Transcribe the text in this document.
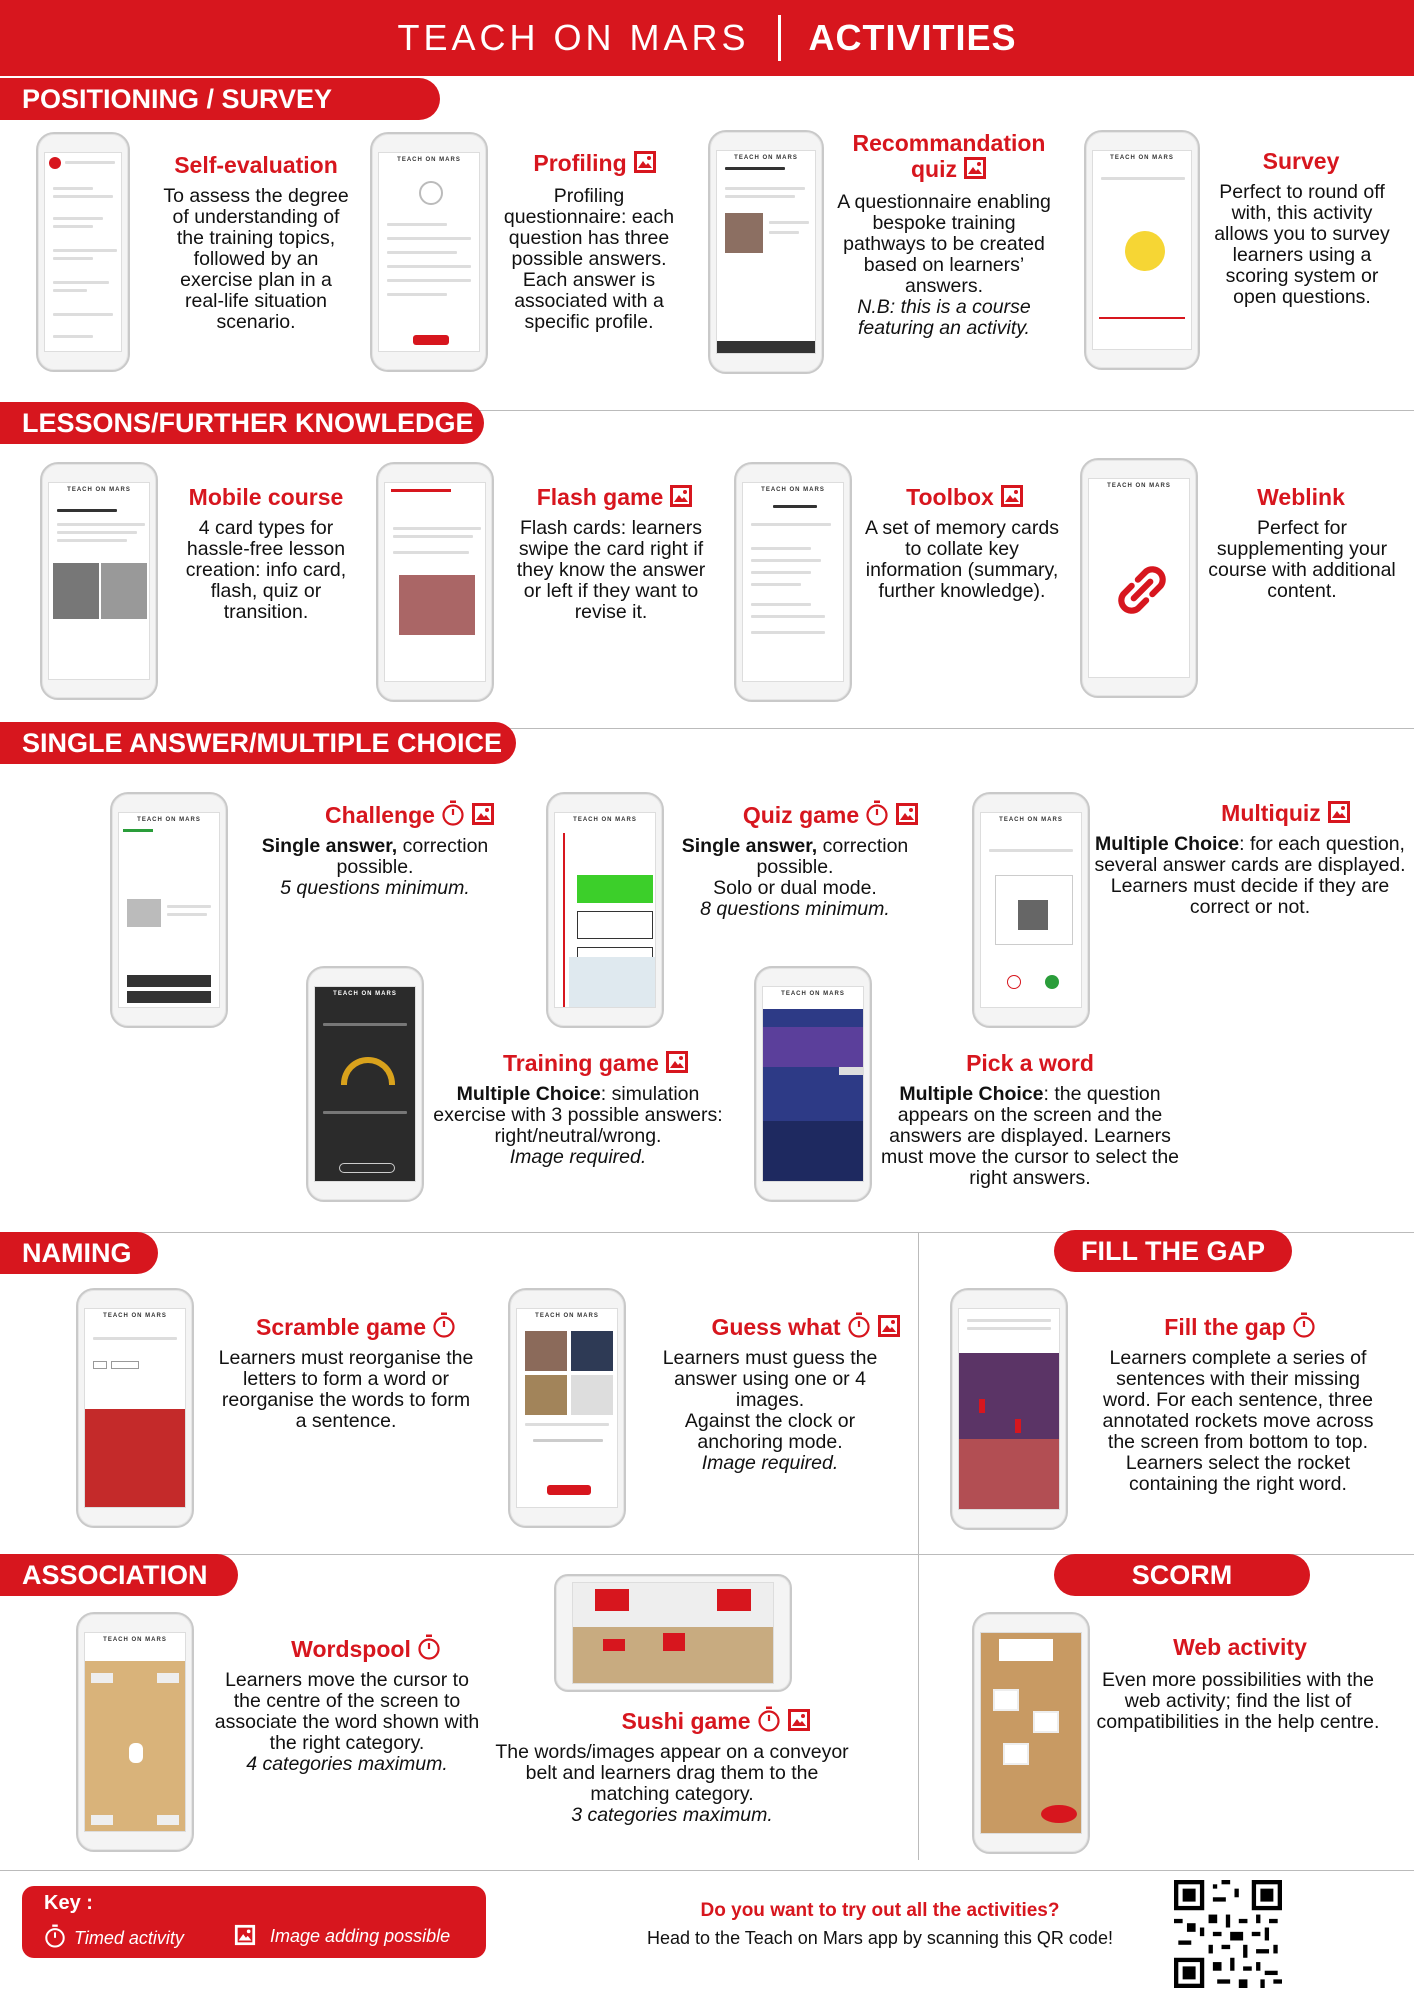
TEACH ON MARS ACTIVITIES
POSITIONING / SURVEY
Self-evaluation
To assess the degree of understanding of the training topics, followed by an exercise plan in a real-life situation scenario.
TEACH ON MARS	Profiling
Profiling questionnaire: each question has three possible answers. Each answer is associated with a specific profile.
TEACH ON MARS
Recommandation
quiz
A questionnaire enabling bespoke training pathways to be created based on learners’ answers.
N.B: this is a course featuring an activity.
TEACH ON MARS	Survey
Perfect to round off with, this activity allows you to survey learners using a scoring system or open questions.
LESSONS/FURTHER KNOWLEDGE
TEACH ON MARS	Mobile course
4 card types for hassle-free lesson creation: info card, flash, quiz or transition.
Flash game
Flash cards: learners swipe the card right if they know the answer or left if they want to revise it.
TEACH ON MARS	Toolbox
A set of memory cards to collate key information (summary, further knowledge).
TEACH ON MARS	Weblink
Perfect for supplementing your course with additional content.
SINGLE ANSWER/MULTIPLE CHOICE
TEACH ON MARS	Challenge
Single answer, correction possible.
5 questions minimum.
TEACH ON MARS	Quiz game
Single answer, correction possible.
Solo or dual mode.
8 questions minimum.
TEACH ON MARS	Multiquiz
Multiple Choice: for each question, several answer cards are displayed.
Learners must decide if they are correct or not.
TEACH ON MARS
Training game
Multiple Choice: simulation exercise with 3 possible answers: right/neutral/wrong.
Image required.
TEACH ON MARS
Pick a word
Multiple Choice: the question appears on the screen and the answers are displayed. Learners must move the cursor to select the right answers.
NAMING	FILL THE GAP
TEACH ON MARS	Scramble game
Learners must reorganise the letters to form a word or reorganise the words to form a sentence.
TEACH ON MARS	Guess what
Learners must guess the answer using one or 4 images.
Against the clock or anchoring mode.
Image required.
Fill the gap
Learners complete a series of sentences with their missing word. For each sentence, three annotated rockets move across the screen from bottom to top. Learners select the rocket containing the right word.
ASSOCIATION	SCORM
TEACH ON MARS	Wordspool
Learners move the cursor to the centre of the screen to associate the word shown with the right category.
4 categories maximum.
Sushi game
The words/images appear on a conveyor belt and learners drag them to the matching category.
3 categories maximum.
Web activity
Even more possibilities with the web activity; find the list of compatibilities in the help centre.
Key :
Timed activity	Image adding possible
Do you want to try out all the activities?
Head to the Teach on Mars app by scanning this QR code!
